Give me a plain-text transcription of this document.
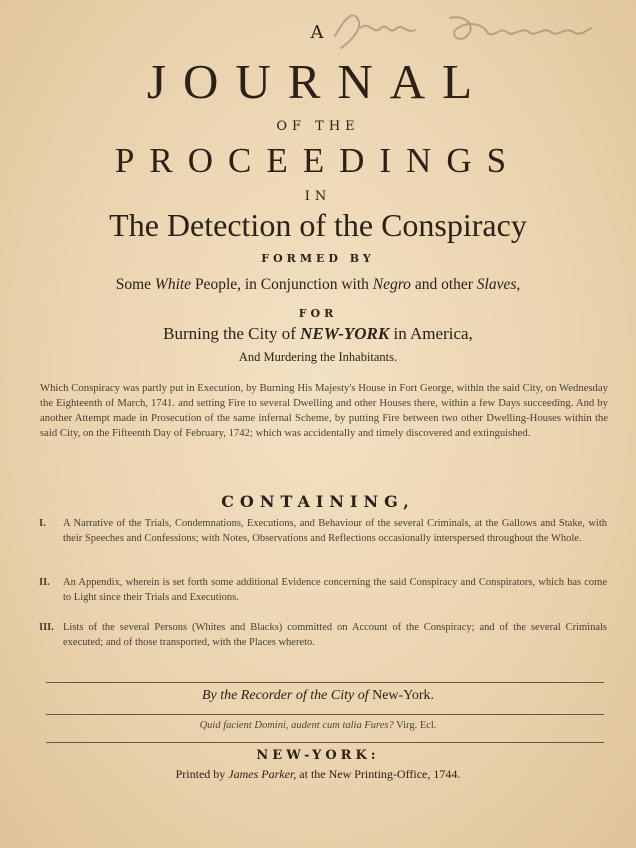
A
JOURNAL
OF THE
PROCEEDINGS
IN
The Detection of the Conspiracy
FORMED BY
Some White People, in Conjunction with Negro and other Slaves,
FOR
Burning the City of NEW-YORK in America,
And Murdering the Inhabitants.
Which Conspiracy was partly put in Execution, by Burning His Majesty's House in Fort George, within the said City, on Wednesday the Eighteenth of March, 1741. and setting Fire to several Dwelling and other Houses there, within a few Days succeeding. And by another Attempt made in Prosecution of the same infernal Scheme, by putting Fire between two other Dwelling-Houses within the said City, on the Fifteenth Day of February, 1742; which was accidentally and timely discovered and extinguished.
CONTAINING,
I.	A Narrative of the Trials, Condemnations, Executions, and Behaviour of the several Criminals, at the Gallows and Stake, with their Speeches and Confessions; with Notes, Observations and Reflections occasionally interspersed throughout the Whole.
II.	An Appendix, wherein is set forth some additional Evidence concerning the said Conspiracy and Conspirators, which has come to Light since their Trials and Executions.
III. Lists of the several Persons (Whites and Blacks) committed on Account of the Conspiracy; and of the several Criminals executed; and of those transported, with the Places whereto.
By the Recorder of the City of New-York.
Quid facient Domini, audent cum talia Fures? Virg. Ecl.
NEW-YORK:
Printed by James Parker, at the New Printing-Office, 1744.
